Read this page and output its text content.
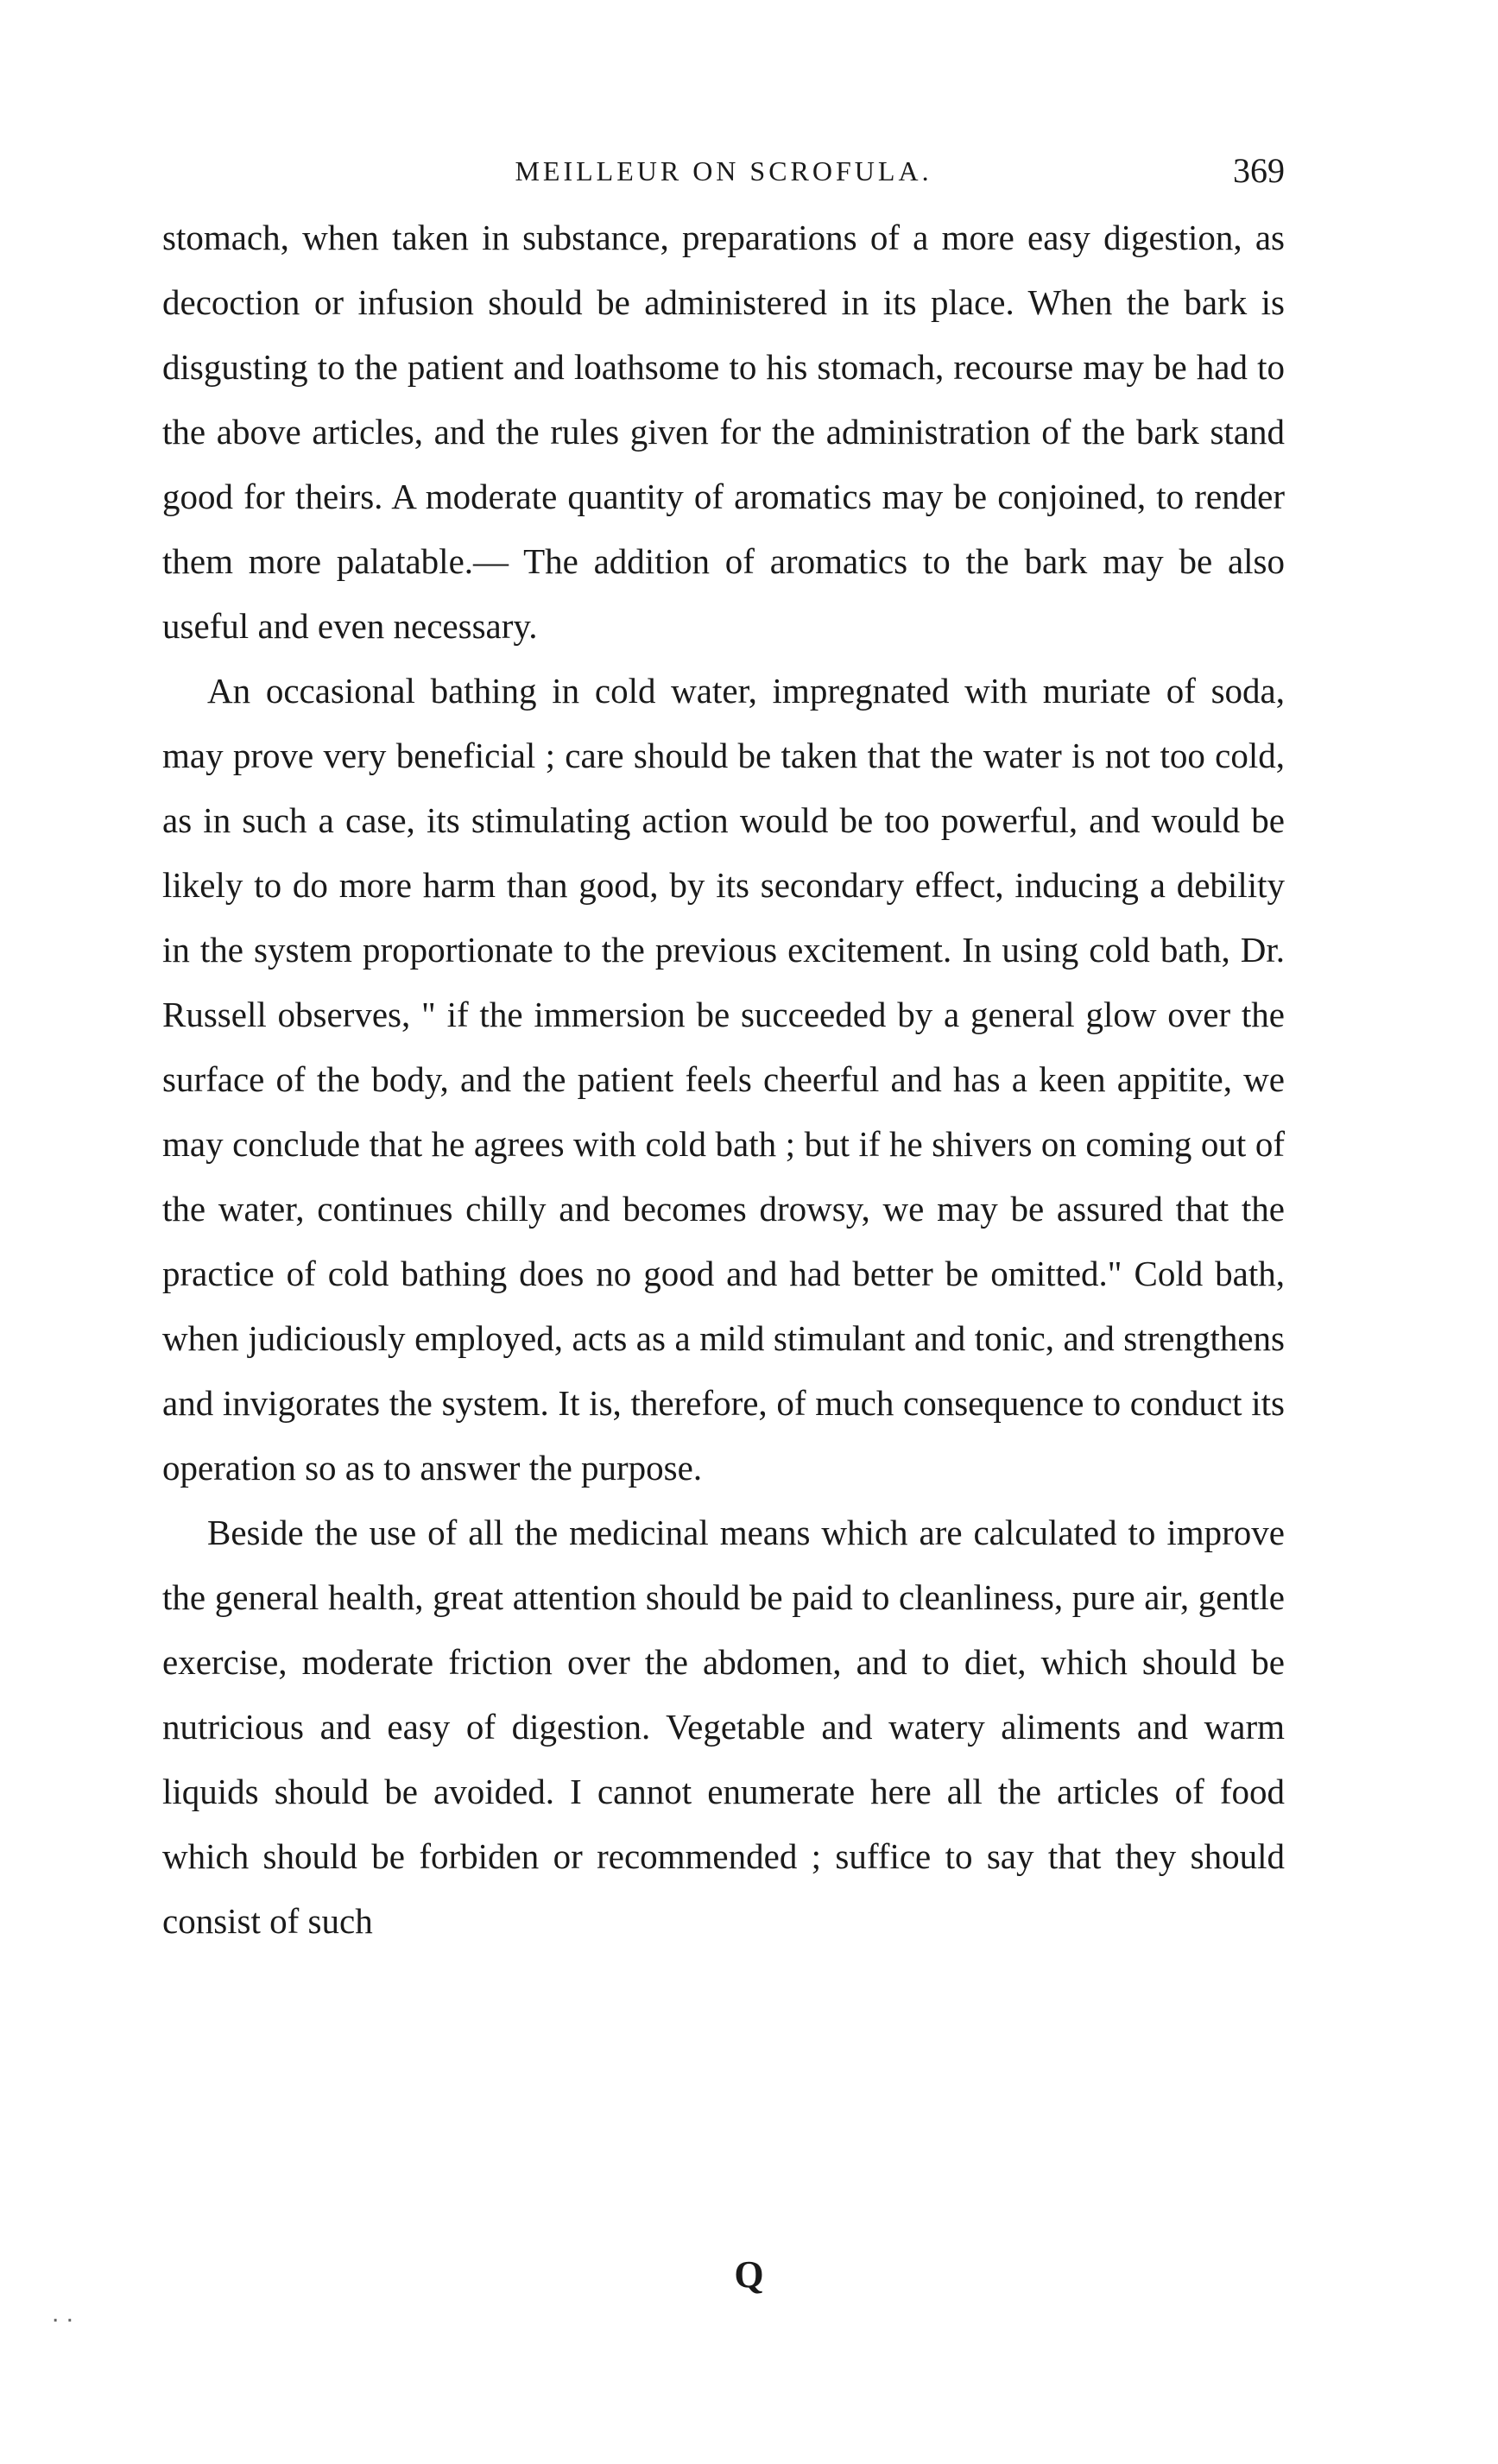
MEILLEUR ON SCROFULA.	369

stomach, when taken in substance, preparations of a more easy digestion, as decoction or infusion should be administered in its place. When the bark is disgusting to the patient and loathsome to his stomach, recourse may be had to the above articles, and the rules given for the administration of the bark stand good for theirs. A moderate quantity of aromatics may be conjoined, to render them more palatable.— The addition of aromatics to the bark may be also useful and even necessary.

An occasional bathing in cold water, impregnated with muriate of soda, may prove very beneficial ; care should be taken that the water is not too cold, as in such a case, its stimulating action would be too powerful, and would be likely to do more harm than good, by its secondary effect, inducing a debility in the system proportionate to the previous excitement. In using cold bath, Dr. Russell observes, " if the immersion be succeeded by a general glow over the surface of the body, and the patient feels cheerful and has a keen appitite, we may conclude that he agrees with cold bath ; but if he shivers on coming out of the water, continues chilly and becomes drowsy, we may be assured that the practice of cold bathing does no good and had better be omitted." Cold bath, when judiciously employed, acts as a mild stimulant and tonic, and strengthens and invigorates the system. It is, therefore, of much consequence to conduct its operation so as to answer the purpose.

Beside the use of all the medicinal means which are calculated to improve the general health, great attention should be paid to cleanliness, pure air, gentle exercise, moderate friction over the abdomen, and to diet, which should be nutricious and easy of digestion. Vegetable and watery aliments and warm liquids should be avoided. I cannot enumerate here all the articles of food which should be forbiden or recommended ; suffice to say that they should consist of such

Q
. .
